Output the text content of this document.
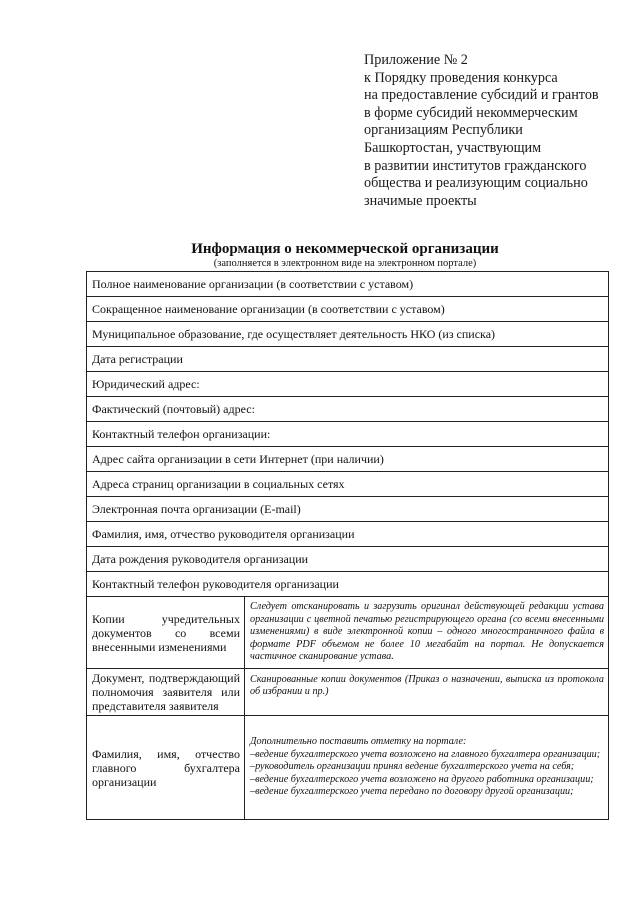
Приложение № 2
к Порядку проведения конкурса
на предоставление субсидий и грантов
в форме субсидий некоммерческим
организациям Республики
Башкортостан, участвующим
в развитии институтов гражданского
общества и реализующим социально
значимые проекты
Информация о некоммерческой организации
(заполняется в электронном виде на электронном портале)
Полное наименование организации (в соответствии с уставом)	
Сокращенное наименование организации (в соответствии с уставом)	
Муниципальное образование, где осуществляет деятельность НКО (из списка)	
Дата регистрации	
Юридический адрес:	
Фактический (почтовый) адрес:	
Контактный телефон организации:	
Адрес сайта организации в сети Интернет (при наличии)	
Адреса страниц организации в социальных сетях	
Электронная почта организации (E-mail)	
Фамилия, имя, отчество руководителя организации	
Дата рождения руководителя организации	
Контактный телефон руководителя организации	
Копии учредительных документов со всеми внесенными изменениями	Следует отсканировать и загрузить оригинал действующей редакции устава организации с цветной печатью регистрирующего органа (со всеми внесенными изменениями) в виде электронной копии – одного многостраничного файла в формате PDF объемом не более 10 мегабайт на портал. Не допускается частичное сканирование устава.
Документ, подтверждающий полномочия заявителя или представителя заявителя	Сканированные копии документов (Приказ о назначении, выписка из протокола об избрании и пр.)
Фамилия, имя, отчество главного бухгалтера организации	Дополнительно поставить отметку на портале:
–ведение бухгалтерского учета возложено на главного бухгалтера организации;
–руководитель организации принял ведение бухгалтерского учета на себя;
–ведение бухгалтерского учета возложено на другого работника организации;
–ведение бухгалтерского учета передано по договору другой организации;
